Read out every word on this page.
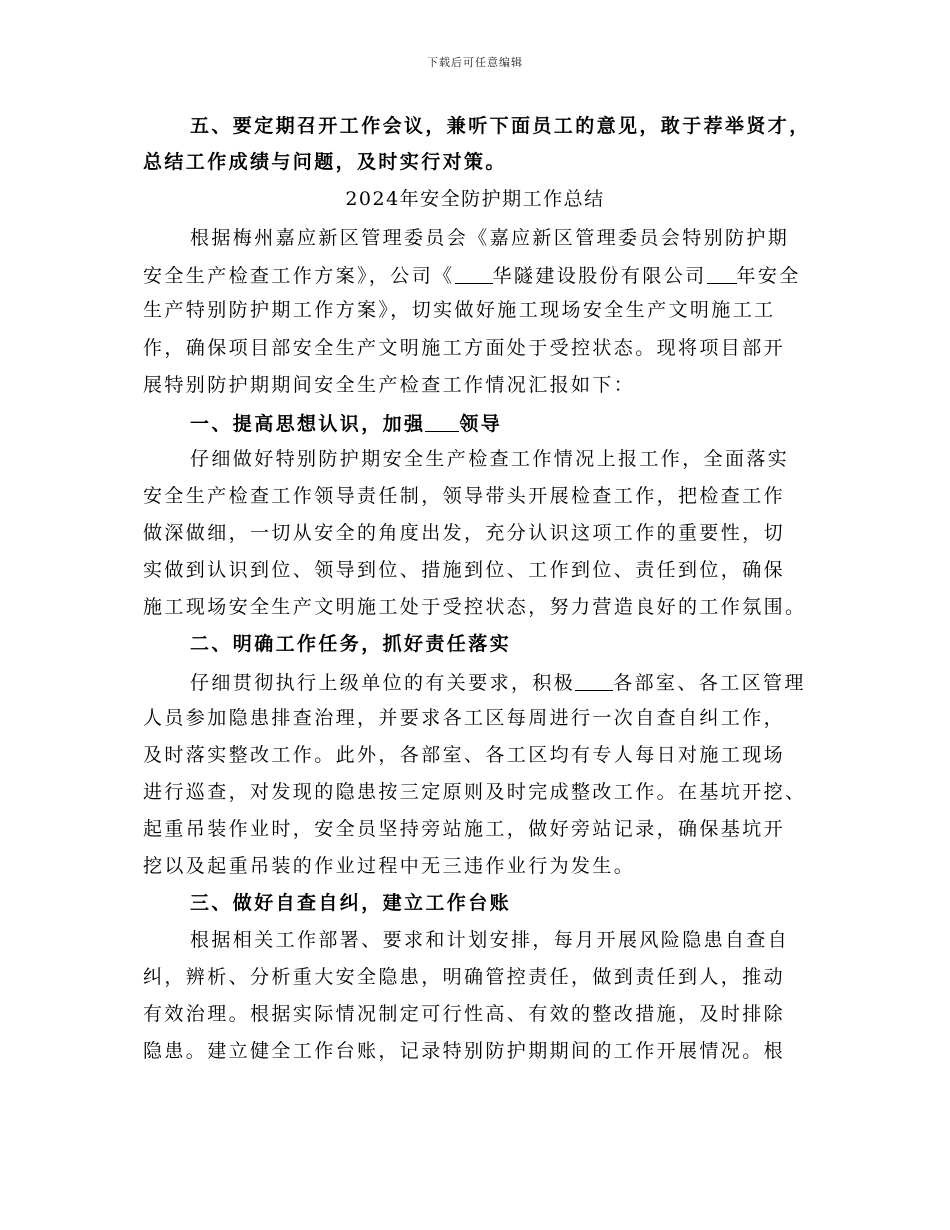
下载后可任意编辑
五、要定期召开工作会议，兼听下面员工的意见，敢于荐举贤才，
总结工作成绩与问题，及时实行对策。
2024年安全防护期工作总结
根据梅州嘉应新区管理委员会《嘉应新区管理委员会特别防护期
安全生产检查工作方案》，公司《 华隧建设股份有限公司 年安全
生产特别防护期工作方案》，切实做好施工现场安全生产文明施工工
作，确保项目部安全生产文明施工方面处于受控状态。现将项目部开
展特别防护期期间安全生产检查工作情况汇报如下：
一、提高思想认识，加强 领导
仔细做好特别防护期安全生产检查工作情况上报工作，全面落实
安全生产检查工作领导责任制，领导带头开展检查工作，把检查工作
做深做细，一切从安全的角度出发，充分认识这项工作的重要性，切
实做到认识到位、领导到位、措施到位、工作到位、责任到位，确保
施工现场安全生产文明施工处于受控状态，努力营造良好的工作氛围。
二、明确工作任务，抓好责任落实
仔细贯彻执行上级单位的有关要求，积极 各部室、各工区管理
人员参加隐患排查治理，并要求各工区每周进行一次自查自纠工作，
及时落实整改工作。此外，各部室、各工区均有专人每日对施工现场
进行巡查，对发现的隐患按三定原则及时完成整改工作。在基坑开挖、
起重吊装作业时，安全员坚持旁站施工，做好旁站记录，确保基坑开
挖以及起重吊装的作业过程中无三违作业行为发生。
三、做好自查自纠，建立工作台账
根据相关工作部署、要求和计划安排，每月开展风险隐患自查自
纠，辨析、分析重大安全隐患，明确管控责任，做到责任到人，推动
有效治理。根据实际情况制定可行性高、有效的整改措施，及时排除
隐患。建立健全工作台账，记录特别防护期期间的工作开展情况。根
